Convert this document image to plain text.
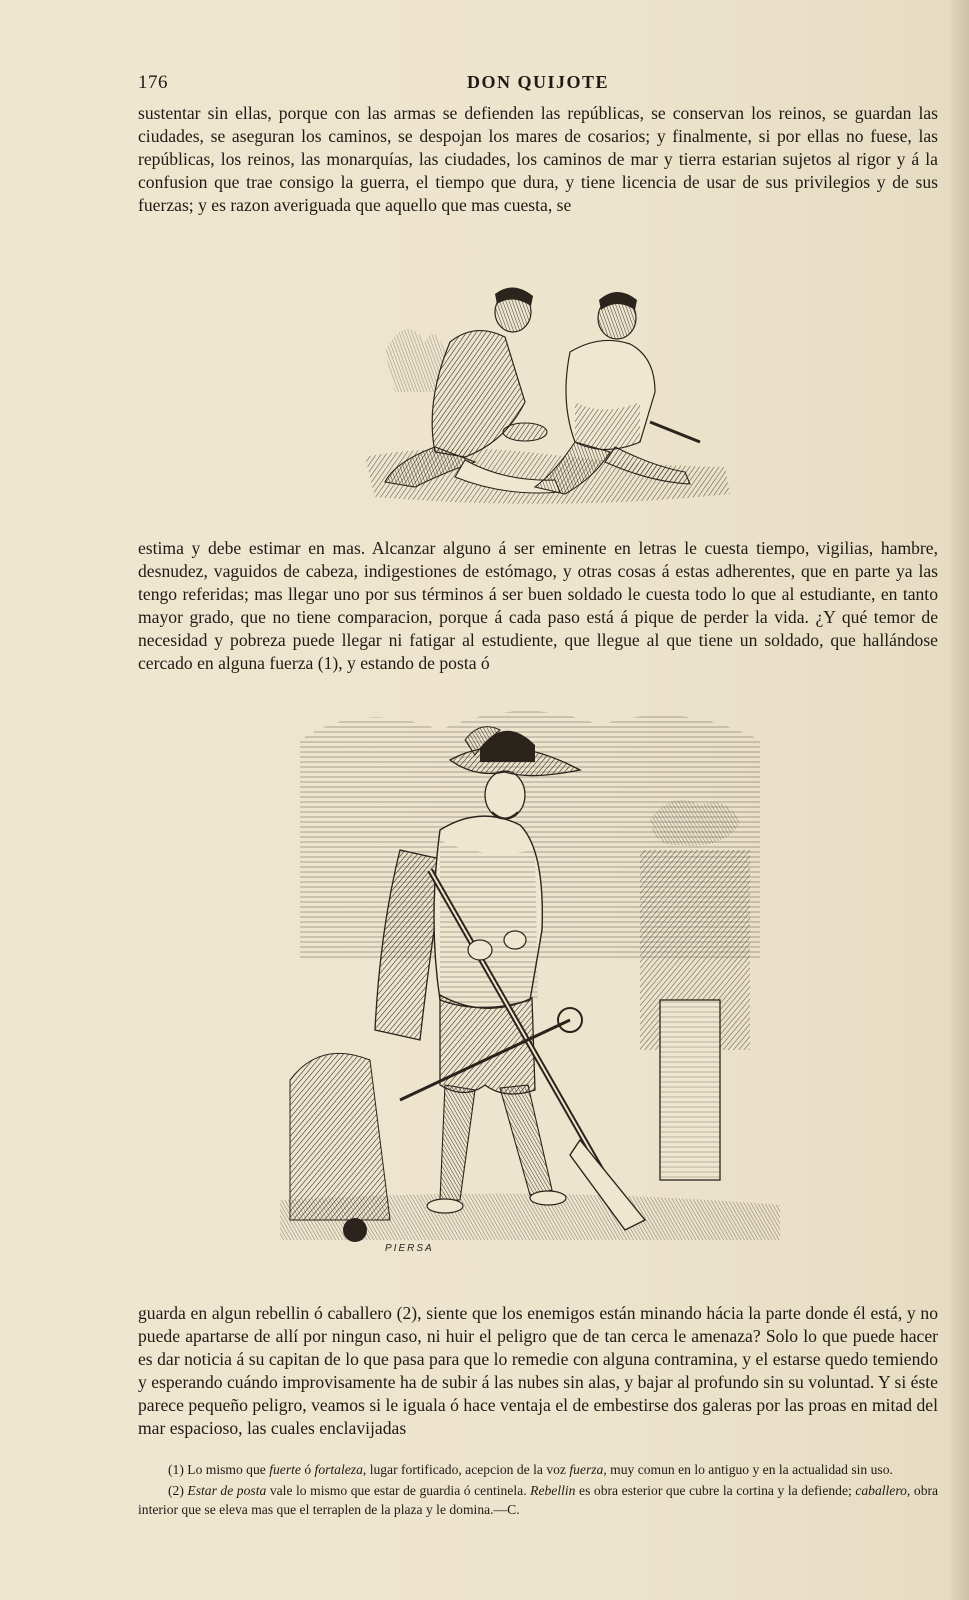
176	DON QUIJOTE

sustentar sin ellas, porque con las armas se defienden las repúblicas, se conservan los reinos, se guardan las ciudades, se aseguran los caminos, se despojan los mares de cosarios; y finalmente, si por ellas no fuese, las repúblicas, los reinos, las monarquías, las ciudades, los caminos de mar y tierra estarian sujetos al rigor y á la confusion que trae consigo la guerra, el tiempo que dura, y tiene licencia de usar de sus privilegios y de sus fuerzas; y es razon averiguada que aquello que mas cuesta, se

estima y debe estimar en mas. Alcanzar alguno á ser eminente en letras le cuesta tiempo, vigilias, hambre, desnudez, vaguidos de cabeza, indigestiones de estómago, y otras cosas á estas adherentes, que en parte ya las tengo referidas; mas llegar uno por sus términos á ser buen soldado le cuesta todo lo que al estudiante, en tanto mayor grado, que no tiene comparacion, porque á cada paso está á pique de perder la vida. ¿Y qué temor de necesidad y pobreza puede llegar ni fatigar al estudiente, que llegue al que tiene un soldado, que hallándose cercado en alguna fuerza (1), y estando de posta ó

PIERSA

guarda en algun rebellin ó caballero (2), siente que los enemigos están minando hácia la parte donde él está, y no puede apartarse de allí por ningun caso, ni huir el peligro que de tan cerca le amenaza? Solo lo que puede hacer es dar noticia á su capitan de lo que pasa para que lo remedie con alguna contramina, y el estarse quedo temiendo y esperando cuándo improvisamente ha de subir á las nubes sin alas, y bajar al profundo sin su voluntad. Y si éste parece pequeño peligro, veamos si le iguala ó hace ventaja el de embestirse dos galeras por las proas en mitad del mar espacioso, las cuales enclavijadas

(1) Lo mismo que fuerte ó fortaleza, lugar fortificado, acepcion de la voz fuerza, muy comun en lo antiguo y en la actualidad sin uso.

(2) Estar de posta vale lo mismo que estar de guardia ó centinela. Rebellin es obra esterior que cubre la cortina y la defiende; caballero, obra interior que se eleva mas que el terraplen de la plaza y le domina.—C.
